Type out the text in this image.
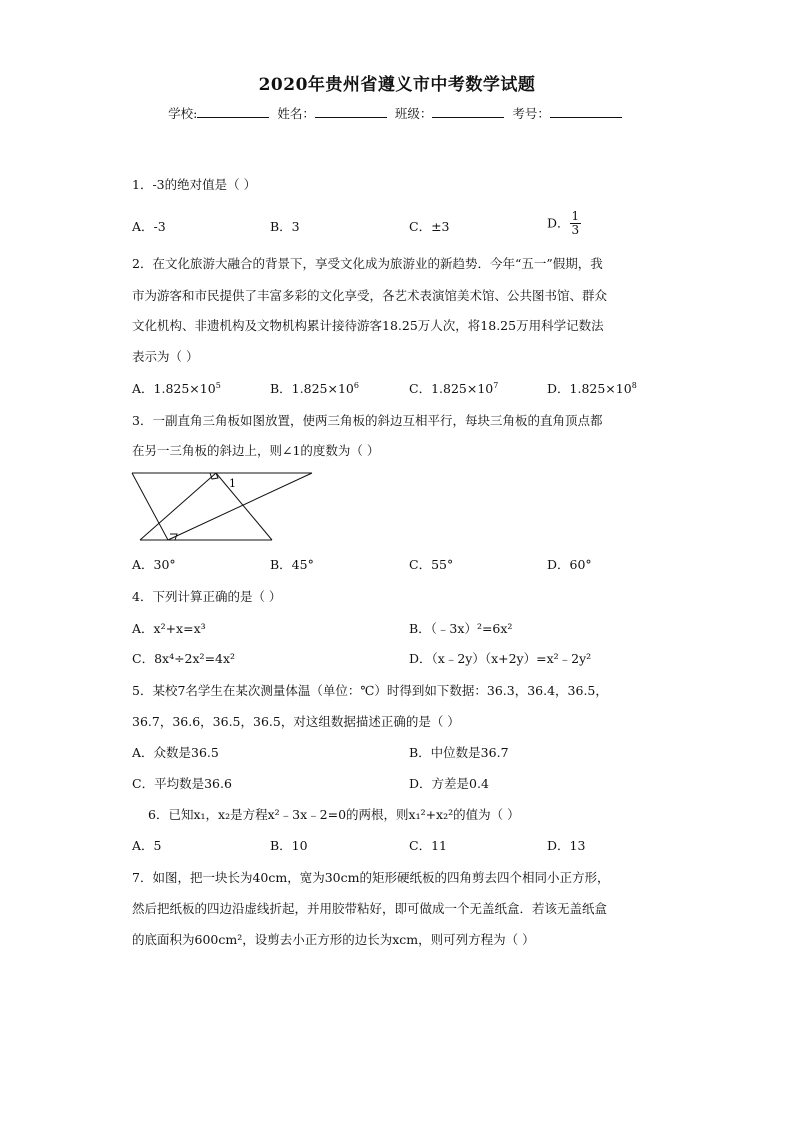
2020年贵州省遵义市中考数学试题
学校:	姓名：	班级：	考号：
1．-3的绝对值是（ ）
A．-3	B．3	C．±3	D． $\frac{1}{3}$
2．在文化旅游大融合的背景下，享受文化成为旅游业的新趋势．今年“五一”假期，我
市为游客和市民提供了丰富多彩的文化享受，各艺术表演馆美术馆、公共图书馆、群众
文化机构、非遗机构及文物机构累计接待游客18.25万人次，将18.25万用科学记数法
表示为（ ）
A．$1.825\times 10^5$	B．$1.825\times 10^6$	C．$1.825\times 10^7$	D．$1.825\times 10^8$
3．一副直角三角板如图放置，使两三角板的斜边互相平行，每块三角板的直角顶点都
在另一三角板的斜边上，则∠1的度数为（ ）
1
A．30°	B．45°	C．55°	D．60°
4．下列计算正确的是（ ）
A．x²+x=x³	B．（﹣3x）²=6x²
C．8x⁴÷2x²=4x²	D．（x﹣2y）（x+2y）=x²﹣2y²
5．某校7名学生在某次测量体温（单位：℃）时得到如下数据：36.3，36.4，36.5，
36.7，36.6，36.5，36.5，对这组数据描述正确的是（ ）
A．众数是36.5	B．中位数是36.7
C．平均数是36.6	D．方差是0.4
6．已知x₁，x₂是方程x²﹣3x﹣2=0的两根，则x₁²+x₂²的值为（ ）
A．5	B．10	C．11	D．13
7．如图，把一块长为40cm，宽为30cm的矩形硬纸板的四角剪去四个相同小正方形，
然后把纸板的四边沿虚线折起，并用胶带粘好，即可做成一个无盖纸盒．若该无盖纸盒
的底面积为600cm²，设剪去小正方形的边长为xcm，则可列方程为（ ）
